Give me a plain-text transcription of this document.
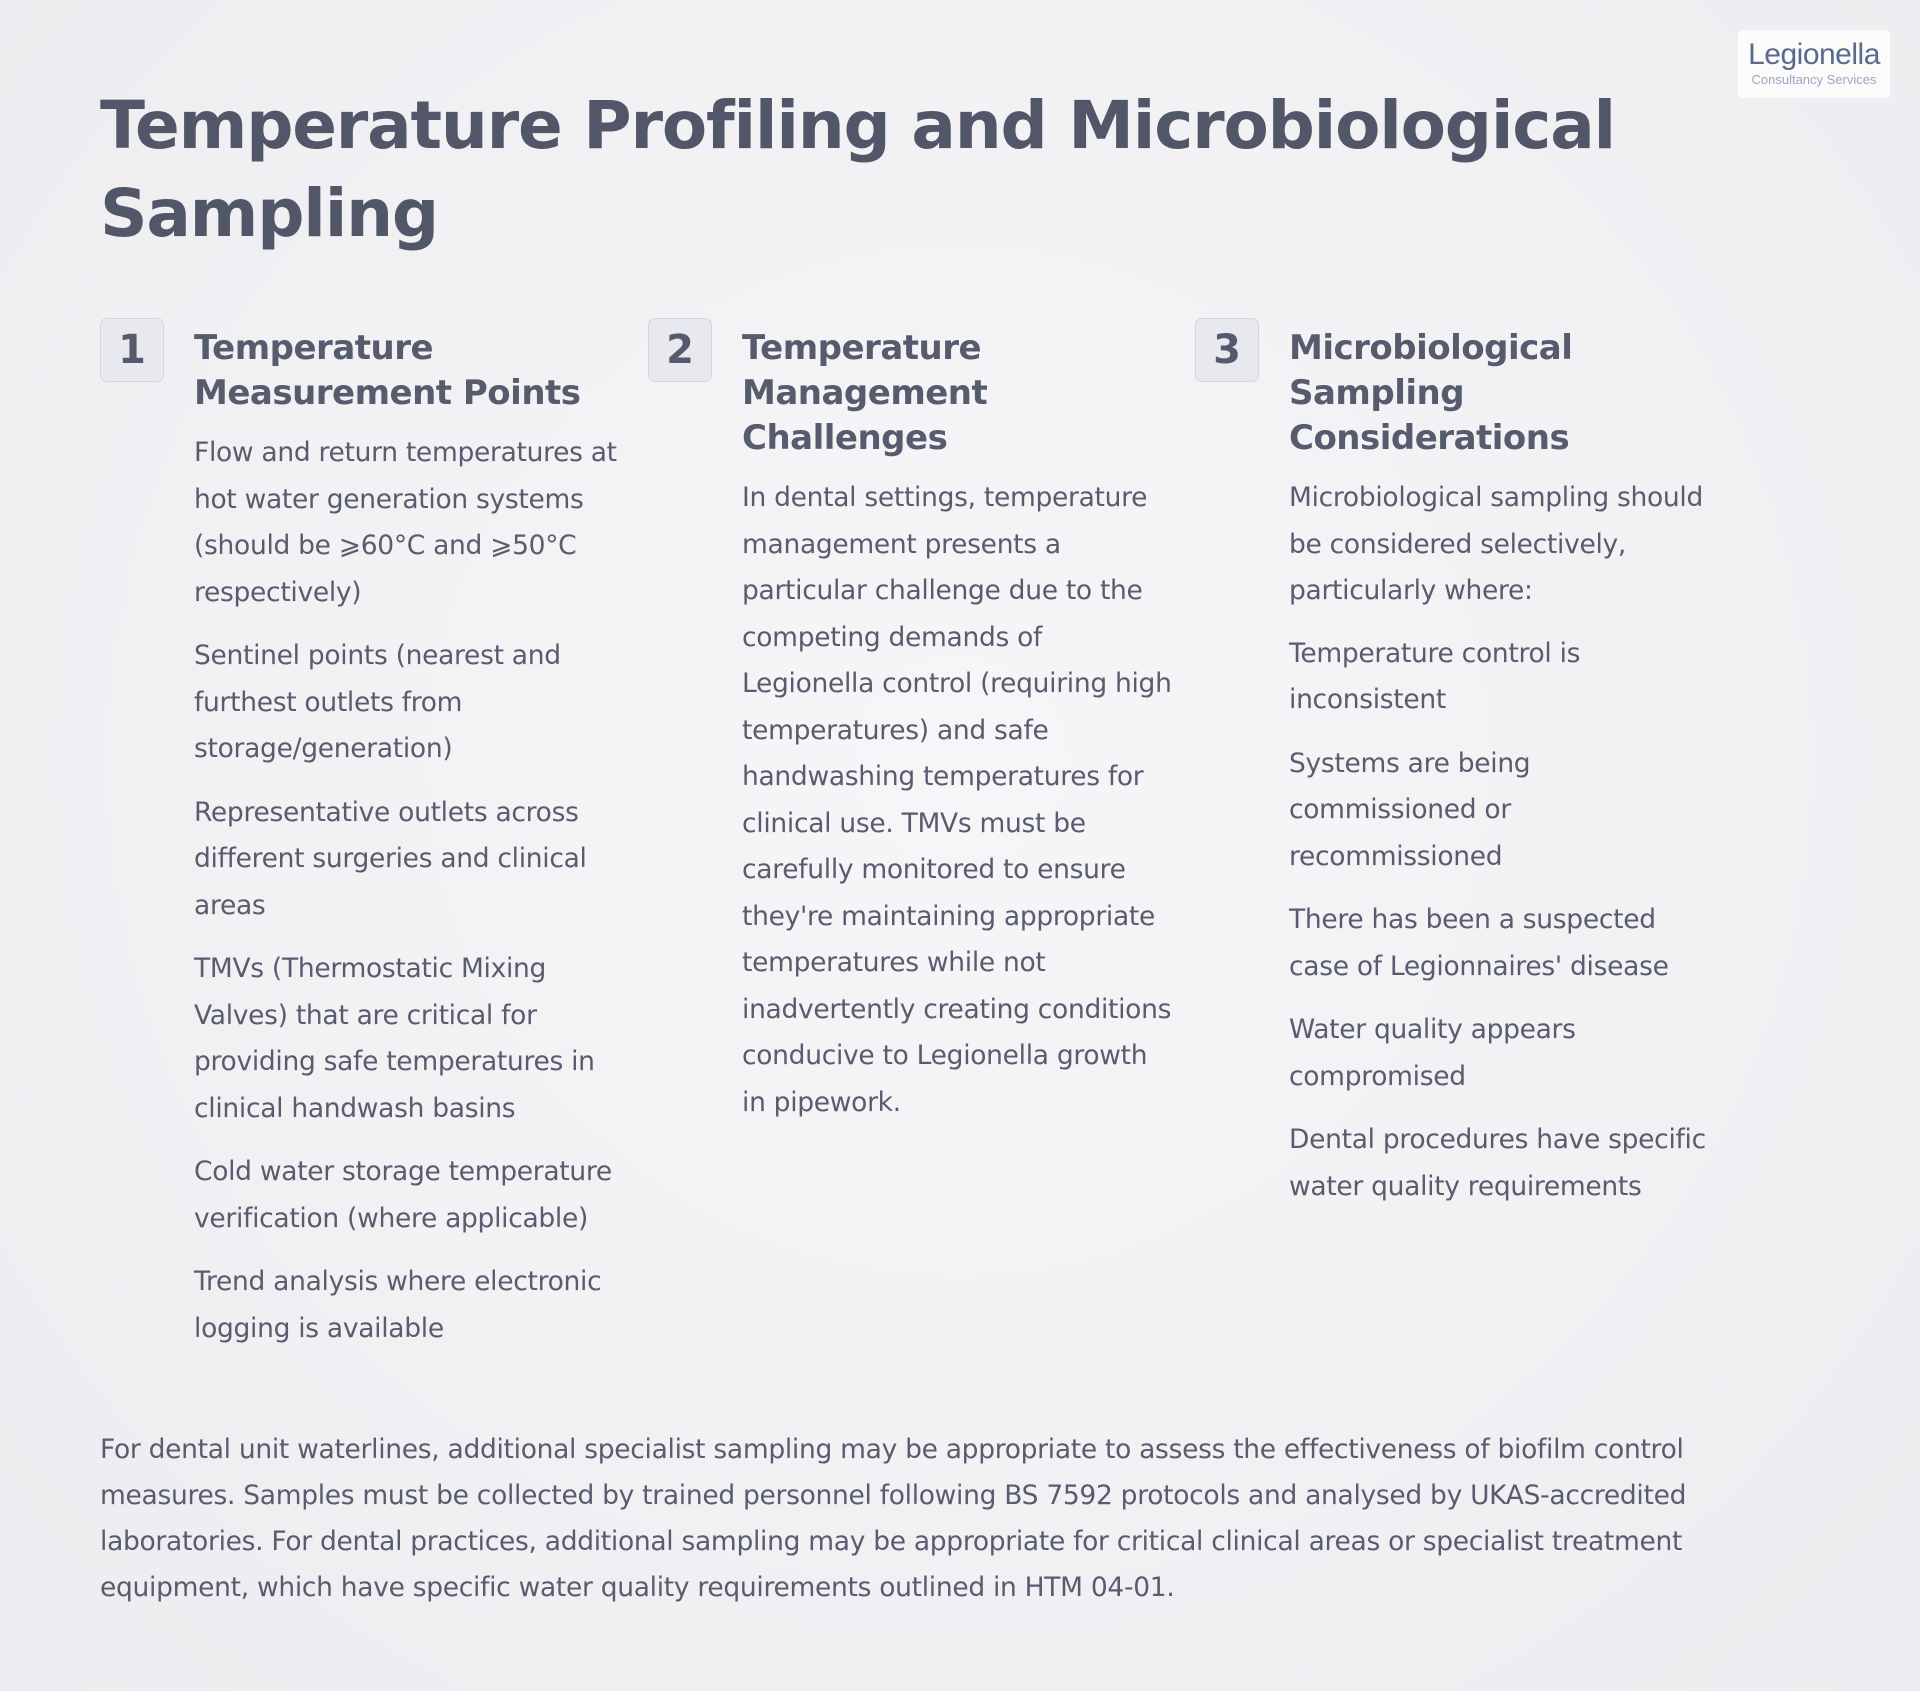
Legionella
Consultancy Services
Temperature Profiling and Microbiological Sampling
1	Temperature Measurement Points
Flow and return temperatures at hot water generation systems (should be ⩾60°C and ⩾50°C respectively)
Sentinel points (nearest and furthest outlets from storage/generation)
Representative outlets across different surgeries and clinical areas
TMVs (Thermostatic Mixing Valves) that are critical for providing safe temperatures in clinical handwash basins
Cold water storage temperature verification (where applicable)
Trend analysis where electronic logging is available
2	Temperature Management Challenges

In dental settings, temperature management presents a particular challenge due to the competing demands of Legionella control (requiring high temperatures) and safe handwashing temperatures for clinical use. TMVs must be carefully monitored to ensure they're maintaining appropriate temperatures while not inadvertently creating conditions conducive to Legionella growth in pipework.

3	Microbiological Sampling Considerations

Microbiological sampling should be considered selectively, particularly where:

Temperature control is inconsistent
Systems are being commissioned or recommissioned
There has been a suspected case of Legionnaires' disease
Water quality appears compromised
Dental procedures have specific water quality requirements

For dental unit waterlines, additional specialist sampling may be appropriate to assess the effectiveness of biofilm control measures. Samples must be collected by trained personnel following BS 7592 protocols and analysed by UKAS-accredited laboratories. For dental practices, additional sampling may be appropriate for critical clinical areas or specialist treatment equipment, which have specific water quality requirements outlined in HTM 04-01.
